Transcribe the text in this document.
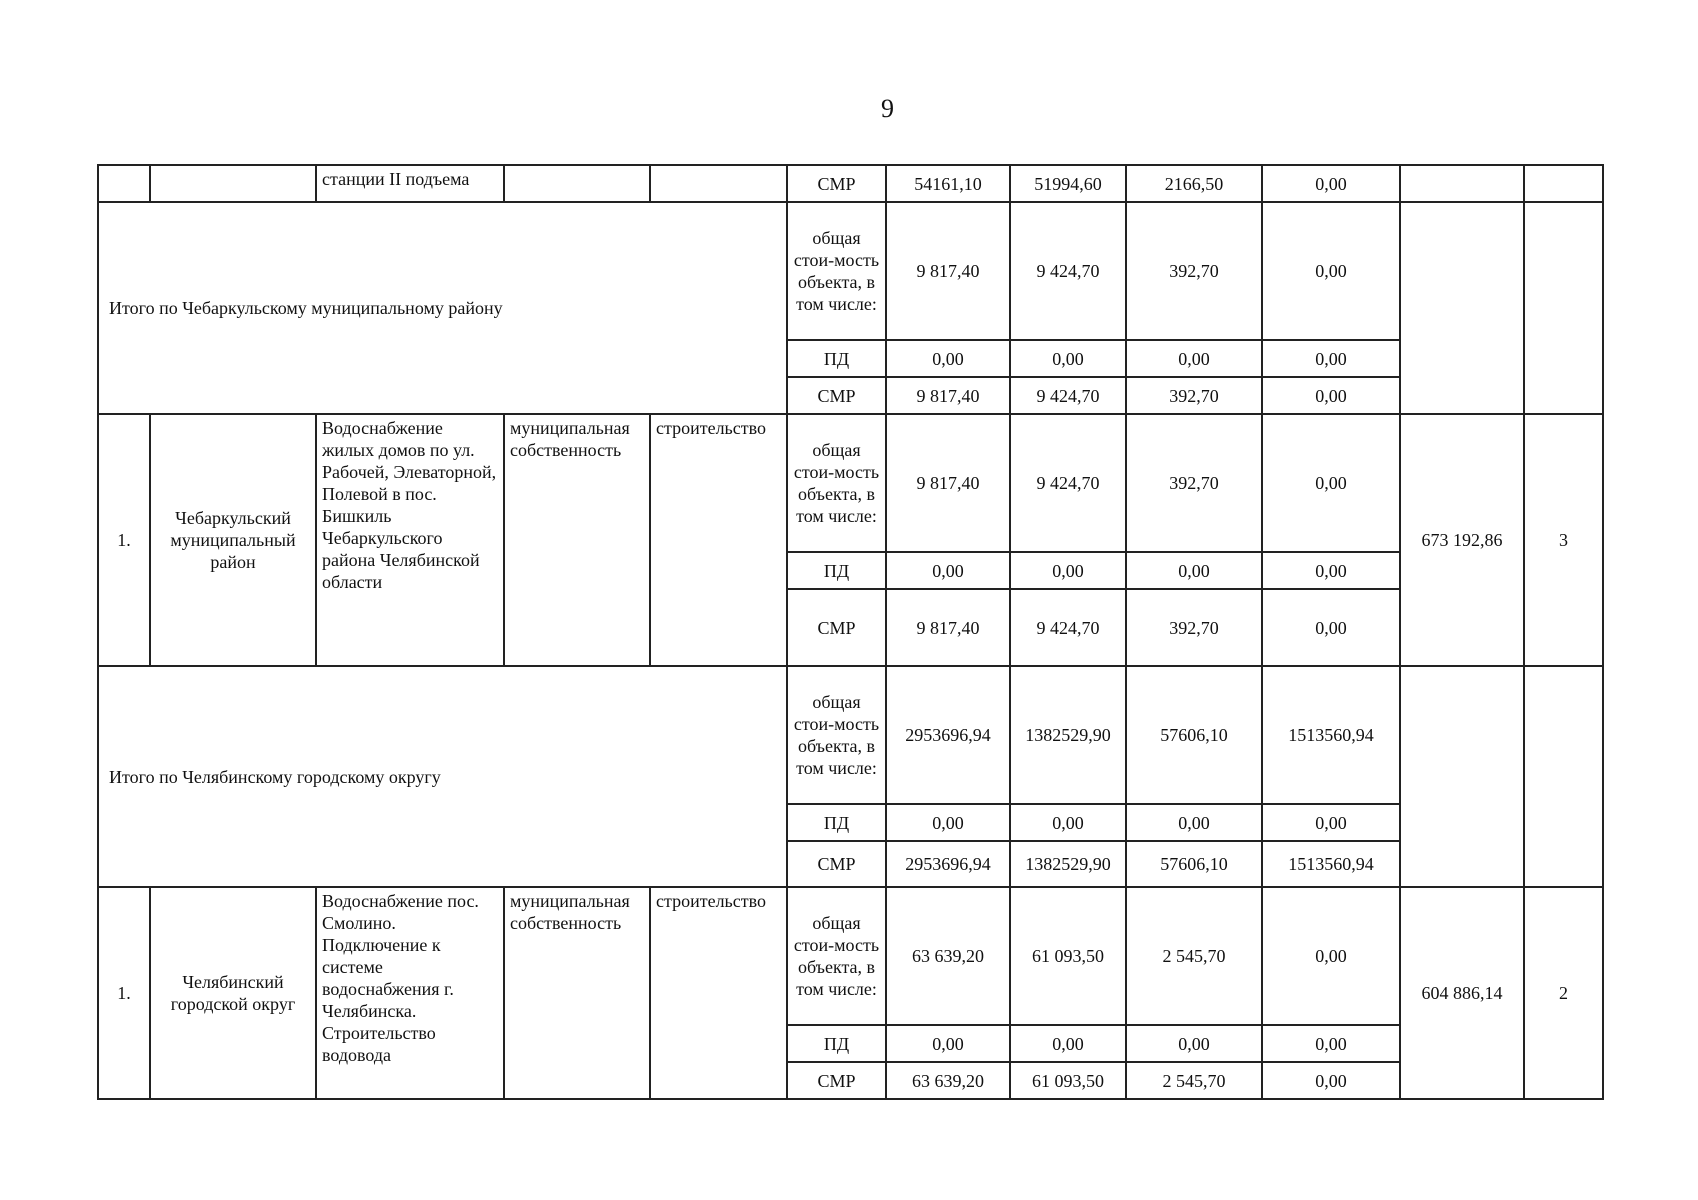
9
		станции II подъема			СМР	54161,10	51994,60	2166,50	0,00		
Итого по Чебаркульскому муниципальному району					общая стои-мость объекта, в том числе:	9 817,40	9 424,70	392,70	0,00		
					ПД	0,00	0,00	0,00	0,00		
					СМР	9 817,40	9 424,70	392,70	0,00		
1.	Чебаркульский муниципальный район	Водоснабжение жилых домов по ул. Рабочей, Элеваторной, Полевой в пос. Бишкиль Чебаркульского района Челябинской области	муниципальная собственность	строительство	общая стои-мость объекта, в том числе:	9 817,40	9 424,70	392,70	0,00	673 192,86	3
					ПД	0,00	0,00	0,00	0,00		
					СМР	9 817,40	9 424,70	392,70	0,00		
Итого по Челябинскому городскому округу					общая стои-мость объекта, в том числе:	2953696,94	1382529,90	57606,10	1513560,94		
					ПД	0,00	0,00	0,00	0,00		
					СМР	2953696,94	1382529,90	57606,10	1513560,94		
1.	Челябинский городской округ	Водоснабжение пос. Смолино. Подключение к системе водоснабжения г. Челябинска. Строительство водовода	муниципальная собственность	строительство	общая стои-мость объекта, в том числе:	63 639,20	61 093,50	2 545,70	0,00	604 886,14	2
					ПД	0,00	0,00	0,00	0,00		
					СМР	63 639,20	61 093,50	2 545,70	0,00		
